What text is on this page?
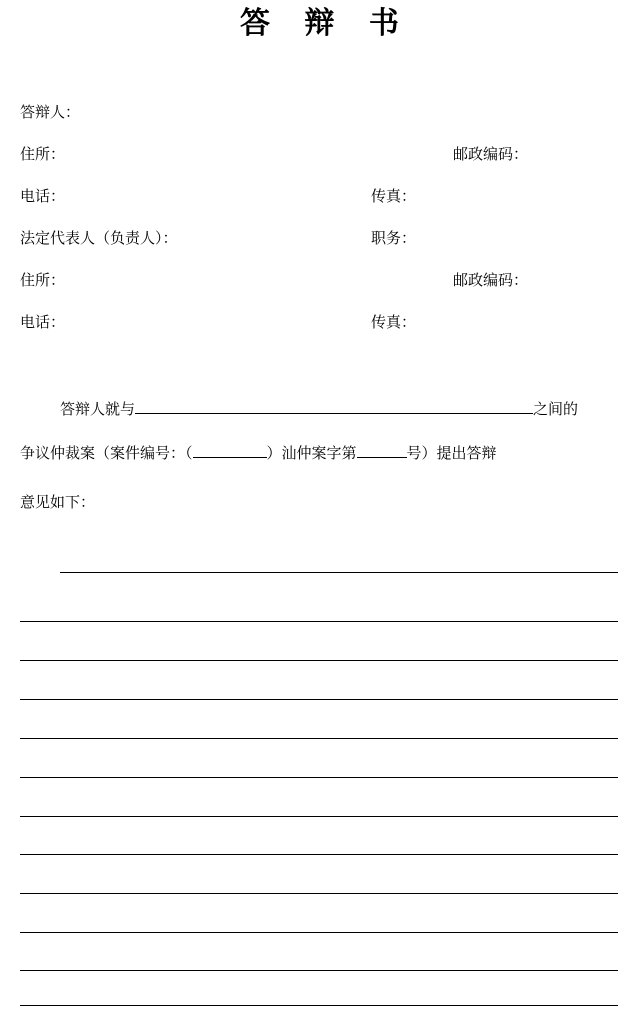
答 辩 书
答辩人：
住所：	邮政编码：
电话：	传真：
法定代表人（负责人）：	职务：
住所：	邮政编码：
电话：	传真：
答辩人就与	之间的
争议仲裁案（案件编号：（	）汕仲案字第	号）提出答辩
意见如下：
